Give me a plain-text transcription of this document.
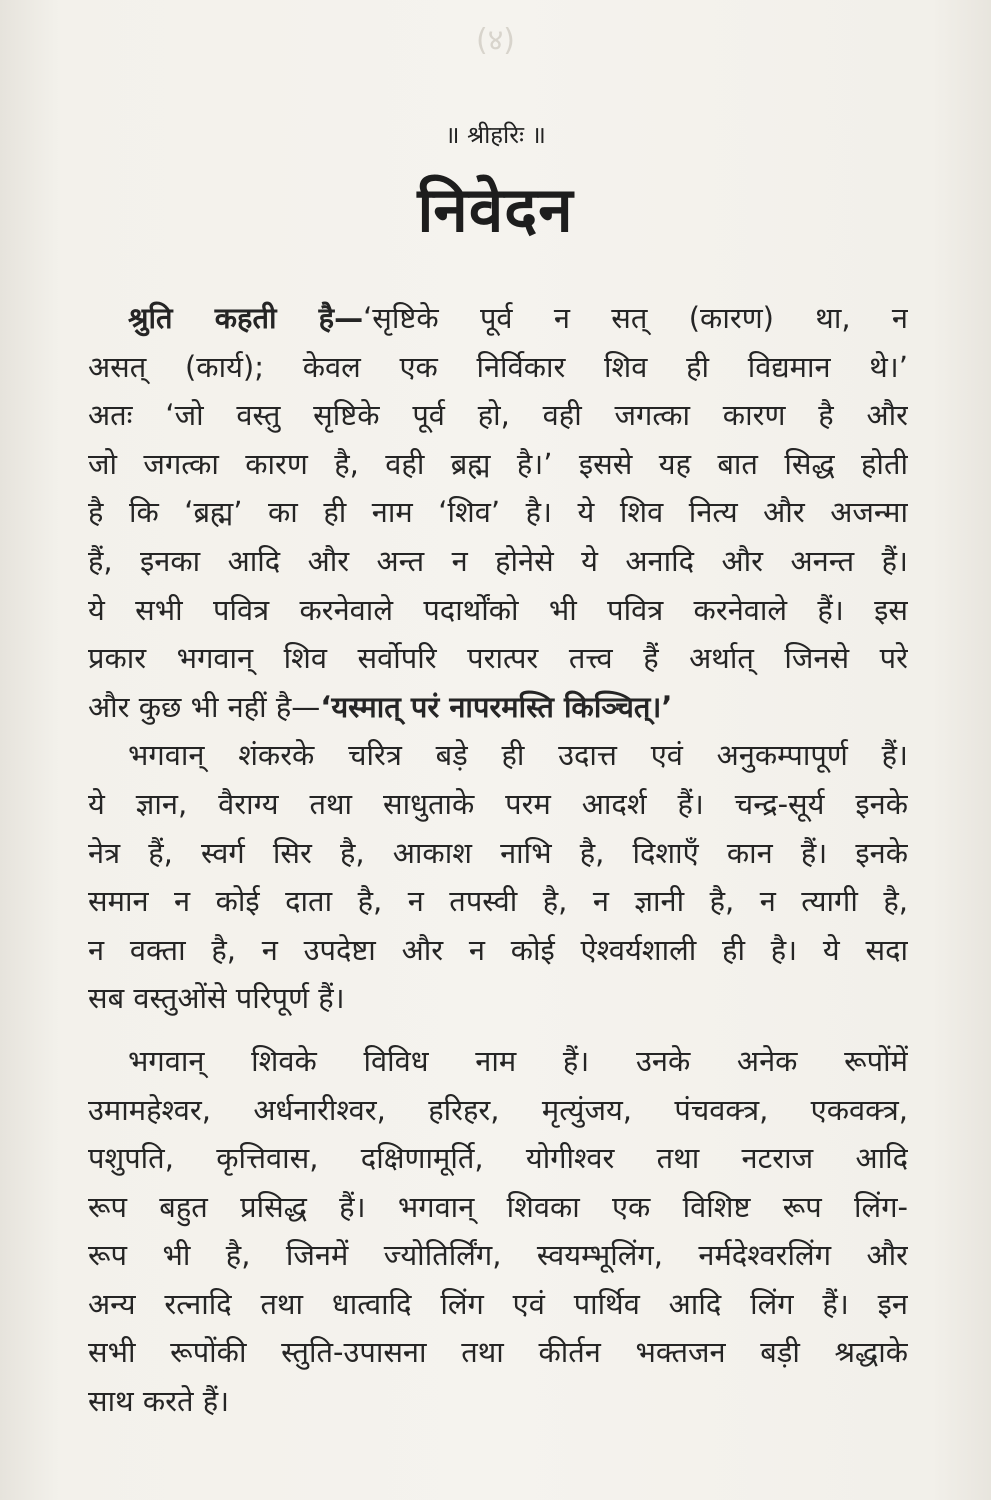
(४)
॥ श्रीहरिः ॥
निवेदन
श्रुति कहती है—‘सृष्टिके पूर्व न सत् (कारण) था, न
असत् (कार्य); केवल एक निर्विकार शिव ही विद्यमान थे।’
अतः ‘जो वस्तु सृष्टिके पूर्व हो, वही जगत्का कारण है और
जो जगत्का कारण है, वही ब्रह्म है।’ इससे यह बात सिद्ध होती
है कि ‘ब्रह्म’ का ही नाम ‘शिव’ है। ये शिव नित्य और अजन्मा
हैं, इनका आदि और अन्त न होनेसे ये अनादि और अनन्त हैं।
ये सभी पवित्र करनेवाले पदार्थोंको भी पवित्र करनेवाले हैं। इस
प्रकार भगवान् शिव सर्वोपरि परात्पर तत्त्व हैं अर्थात् जिनसे परे
और कुछ भी नहीं है—‘यस्मात् परं नापरमस्ति किञ्चित्।’
भगवान् शंकरके चरित्र बड़े ही उदात्त एवं अनुकम्पापूर्ण हैं।
ये ज्ञान, वैराग्य तथा साधुताके परम आदर्श हैं। चन्द्र-सूर्य इनके
नेत्र हैं, स्वर्ग सिर है, आकाश नाभि है, दिशाएँ कान हैं। इनके
समान न कोई दाता है, न तपस्वी है, न ज्ञानी है, न त्यागी है,
न वक्ता है, न उपदेष्टा और न कोई ऐश्वर्यशाली ही है। ये सदा
सब वस्तुओंसे परिपूर्ण हैं।
भगवान् शिवके विविध नाम हैं। उनके अनेक रूपोंमें
उमामहेश्वर, अर्धनारीश्वर, हरिहर, मृत्युंजय, पंचवक्त्र, एकवक्त्र,
पशुपति, कृत्तिवास, दक्षिणामूर्ति, योगीश्वर तथा नटराज आदि
रूप बहुत प्रसिद्ध हैं। भगवान् शिवका एक विशिष्ट रूप लिंग-
रूप भी है, जिनमें ज्योतिर्लिंग, स्वयम्भूलिंग, नर्मदेश्वरलिंग और
अन्य रत्नादि तथा धात्वादि लिंग एवं पार्थिव आदि लिंग हैं। इन
सभी रूपोंकी स्तुति-उपासना तथा कीर्तन भक्तजन बड़ी श्रद्धाके
साथ करते हैं।
